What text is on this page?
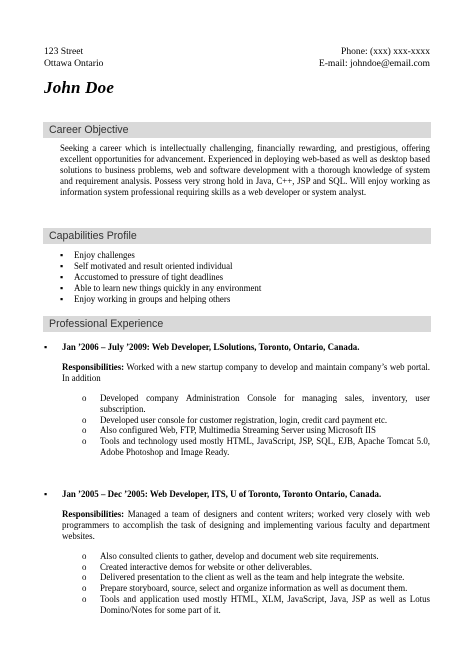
123 Street
Ottawa Ontario
Phone: (xxx) xxx-xxxx
E-mail: johndoe@email.com
John Doe
Career Objective
Seeking a career which is intellectually challenging, financially rewarding, and prestigious, offering excellent opportunities for advancement. Experienced in deploying web-based as well as desktop based solutions to business problems, web and software development with a thorough knowledge of system and requirement analysis. Possess very strong hold in Java, C++, JSP and SQL. Will enjoy working as information system professional requiring skills as a web developer or system analyst.
Capabilities Profile
▪ Enjoy challenges
▪ Self motivated and result oriented individual
▪ Accustomed to pressure of tight deadlines
▪ Able to learn new things quickly in any environment
▪ Enjoy working in groups and helping others
Professional Experience
▪ Jan ’2006 – July ’2009: Web Developer, LSolutions, Toronto, Ontario, Canada.
Responsibilities: Worked with a new startup company to develop and maintain company’s web portal. In addition
o Developed company Administration Console for managing sales, inventory, user subscription.
o Developed user console for customer registration, login, credit card payment etc.
o Also configured Web, FTP, Multimedia Streaming Server using Microsoft IIS
o Tools and technology used mostly HTML, JavaScript, JSP, SQL, EJB, Apache Tomcat 5.0, Adobe Photoshop and Image Ready.
▪ Jan ’2005 – Dec ’2005: Web Developer, ITS, U of Toronto, Toronto Ontario, Canada.
Responsibilities: Managed a team of designers and content writers; worked very closely with web programmers to accomplish the task of designing and implementing various faculty and department websites.
o Also consulted clients to gather, develop and document web site requirements.
o Created interactive demos for website or other deliverables.
o Delivered presentation to the client as well as the team and help integrate the website.
o Prepare storyboard, source, select and organize information as well as document them.
o Tools and application used mostly HTML, XLM, JavaScript, Java, JSP as well as Lotus Domino/Notes for some part of it.
